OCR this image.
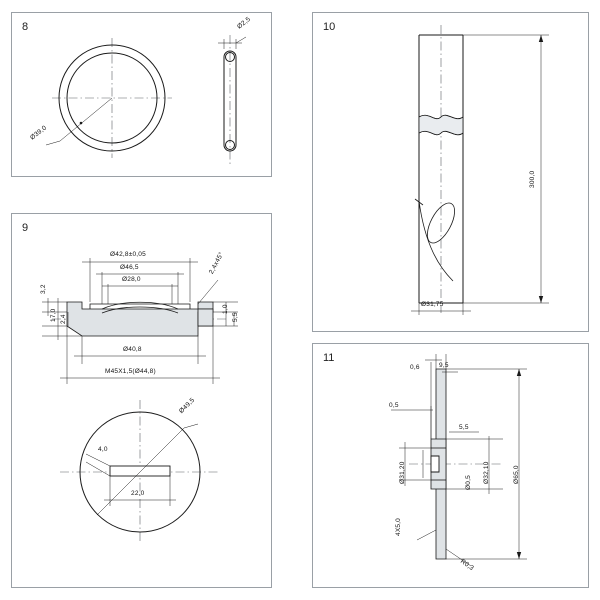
8
Ø39,0
Ø2,5
9
Ø42,8±0,05
Ø46,5
Ø28,0
2,4x45°
3,2
17,0 2,4
1,0
5,5
Ø40,8
M45X1,5(Ø44,8)
Ø49,5
4,0
22,0
10
300,0
Ø31,75
11
0,6	9,5
0,5
5,5
Ø31,20	Ø0,5 Ø32,10	Ø65,0
4X5,0
R0,3
